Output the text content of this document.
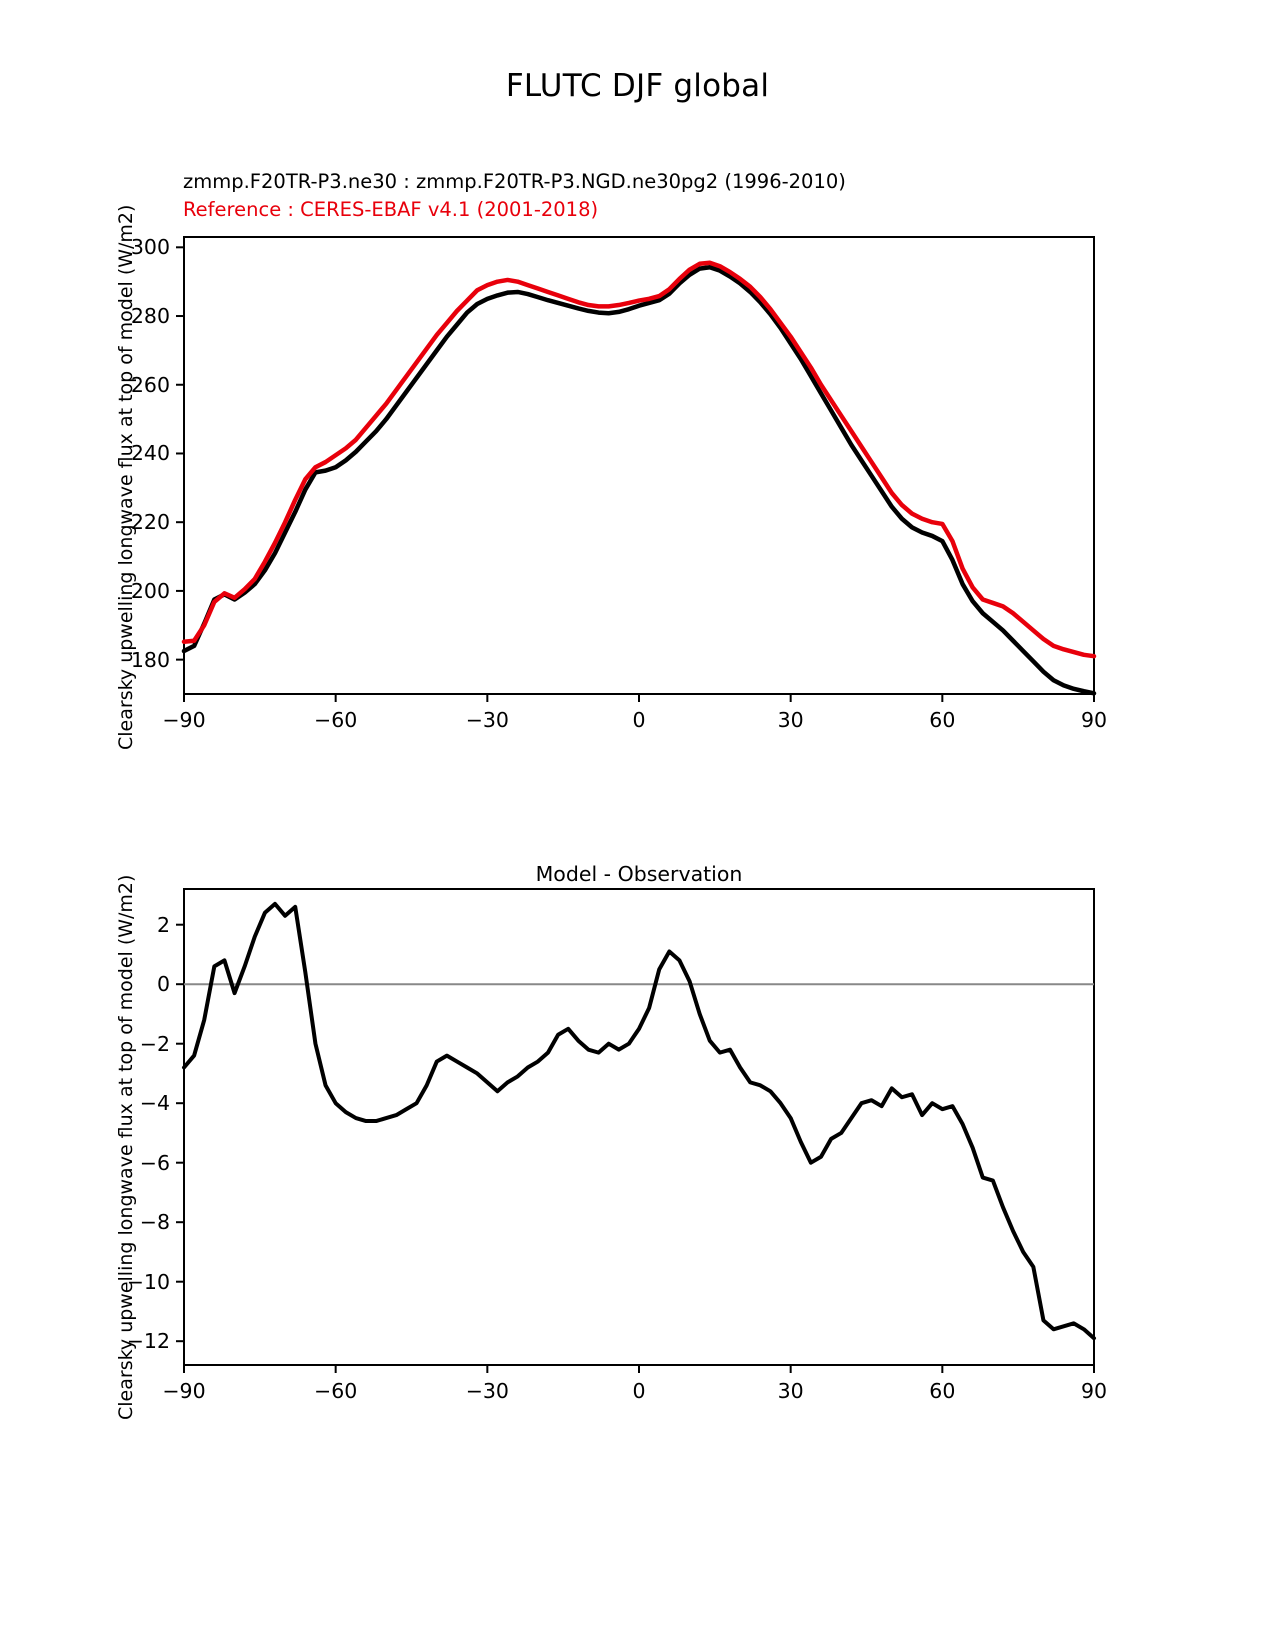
FLUTC DJF global
zmmp.F20TR-P3.ne30 : zmmp.F20TR-P3.NGD.ne30pg2 (1996-2010)
Reference : CERES-EBAF v4.1 (2001-2018)
Clearsky upwelling longwave flux at top of model (W/m2) −90	−60	−30	0	30	60	90
180
200
220
240
260
280
300
Model - Observation
Clearsky upwelling longwave flux at top of model (W/m2) −90	−60	−30	0	30	60	90
−12
−10
−8
−6
−4
−2
0
2
